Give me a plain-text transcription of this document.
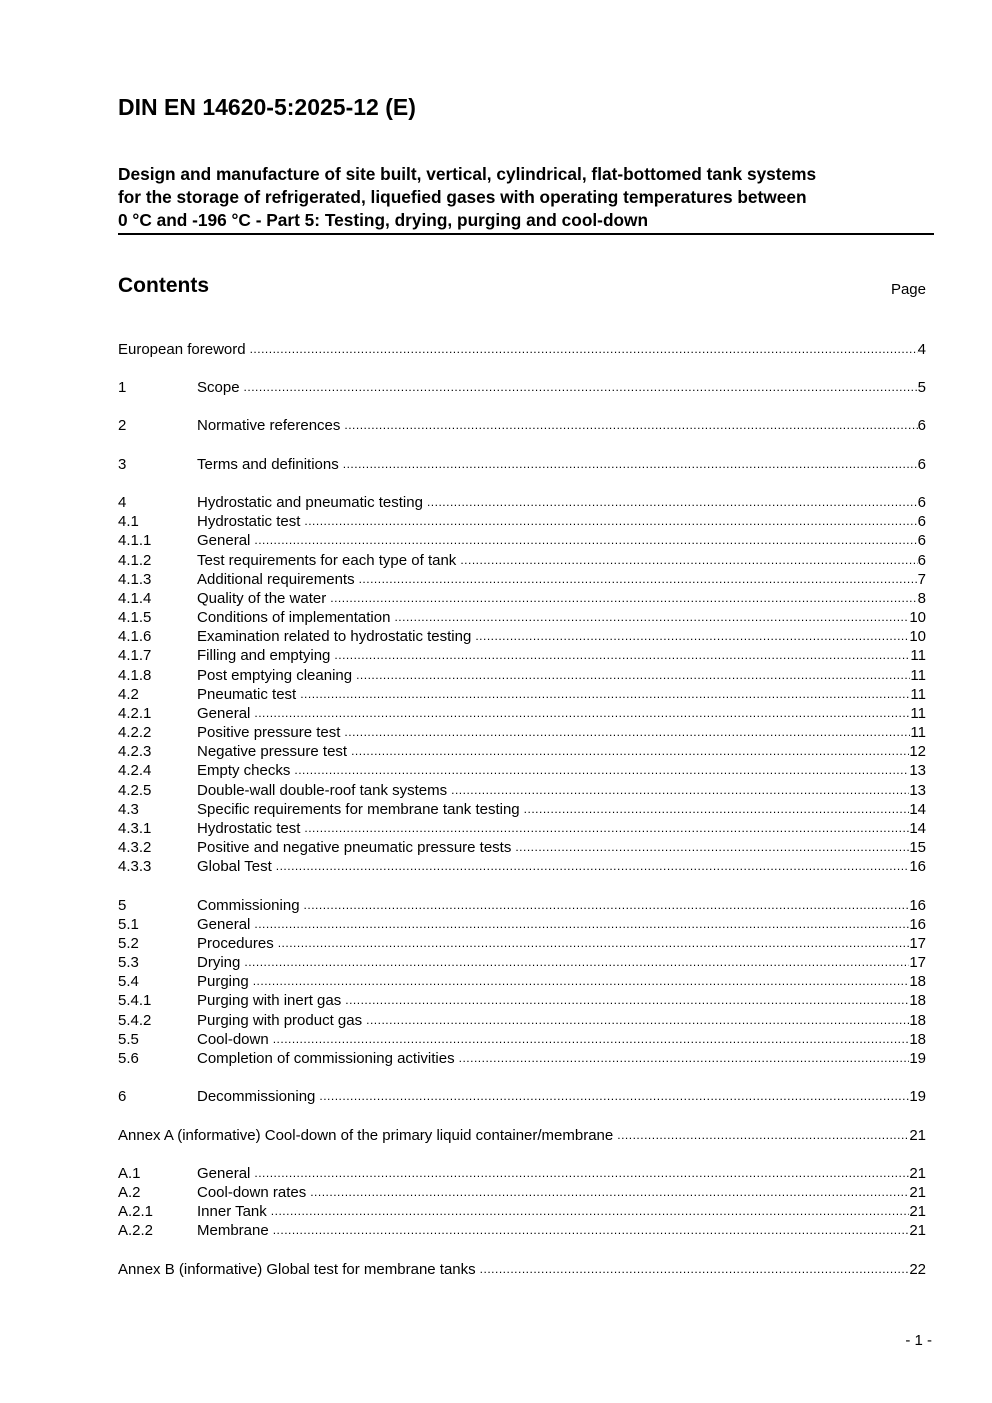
DIN EN 14620-5:2025-12 (E)
Design and manufacture of site built, vertical, cylindrical, flat-bottomed tank systems
for the storage of refrigerated, liquefied gases with operating temperatures between
0 °C and -196 °C - Part 5: Testing, drying, purging and cool-down
Contents	Page
European foreword .....	4
1	Scope .....	5
2	Normative references .....	6
3	Terms and definitions .....	6
4	Hydrostatic and pneumatic testing .....	6
4.1	Hydrostatic test .....	6
4.1.1	General .....	6
4.1.2	Test requirements for each type of tank .....	6
4.1.3	Additional requirements .....	7
4.1.4	Quality of the water .....	8
4.1.5	Conditions of implementation .....	10
4.1.6	Examination related to hydrostatic testing .....	10
4.1.7	Filling and emptying .....	11
4.1.8	Post emptying cleaning .....	11
4.2	Pneumatic test .....	11
4.2.1	General .....	11
4.2.2	Positive pressure test .....	11
4.2.3	Negative pressure test .....	12
4.2.4	Empty checks .....	13
4.2.5	Double-wall double-roof tank systems .....	13
4.3	Specific requirements for membrane tank testing .....	14
4.3.1	Hydrostatic test .....	14
4.3.2	Positive and negative pneumatic pressure tests .....	15
4.3.3	Global Test .....	16
5	Commissioning .....	16
5.1	General .....	16
5.2	Procedures .....	17
5.3	Drying .....	17
5.4	Purging .....	18
5.4.1	Purging with inert gas .....	18
5.4.2	Purging with product gas .....	18
5.5	Cool-down .....	18
5.6	Completion of commissioning activities .....	19
6	Decommissioning .....	19
Annex A (informative) Cool-down of the primary liquid container/membrane .....	21
A.1	General .....	21
A.2	Cool-down rates .....	21
A.2.1	Inner Tank .....	21
A.2.2	Membrane .....	21
Annex B (informative) Global test for membrane tanks .....	22
- 1 -
